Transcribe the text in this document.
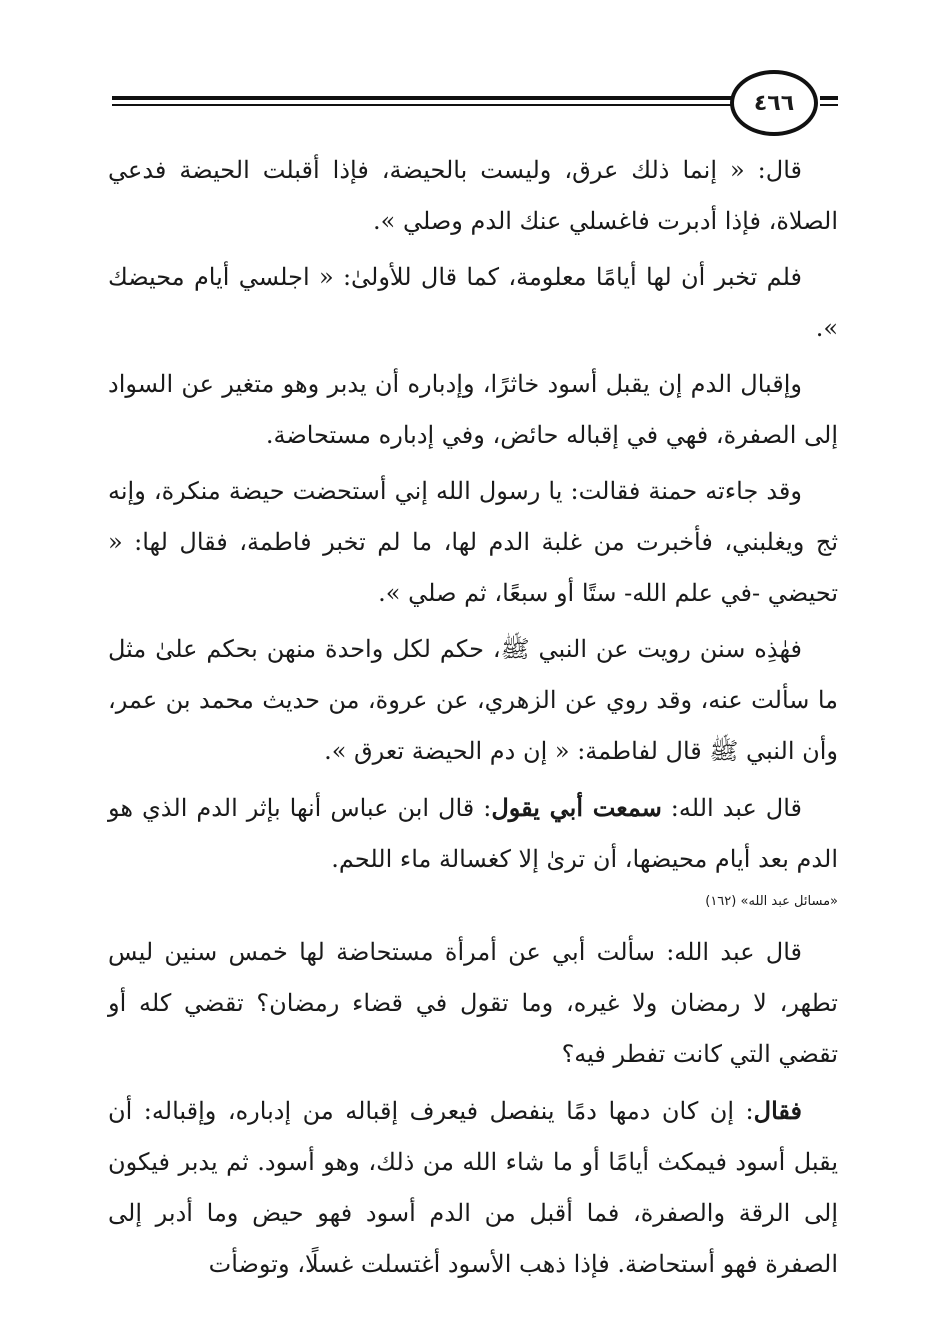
٤٦٦

قال: « إنما ذلك عرق، وليست بالحيضة، فإذا أقبلت الحيضة فدعي الصلاة، فإذا أدبرت فاغسلي عنك الدم وصلي ».

فلم تخبر أن لها أيامًا معلومة، كما قال للأولىٰ: « اجلسي أيام محيضك ».

وإقبال الدم إن يقبل أسود خاثرًا، وإدباره أن يدبر وهو متغير عن السواد إلى الصفرة، فهي في إقباله حائض، وفي إدباره مستحاضة.

وقد جاءته حمنة فقالت: يا رسول الله إني أستحضت حيضة منكرة، وإنه ثج ويغلبني، فأخبرت من غلبة الدم لها، ما لم تخبر فاطمة، فقال لها: « تحيضي -في علم الله- ستًا أو سبعًا، ثم صلي ».

فهٰذِه سنن رويت عن النبي ﷺ، حكم لكل واحدة منهن بحكم علىٰ مثل ما سألت عنه، وقد روي عن الزهري، عن عروة، من حديث محمد بن عمر، وأن النبي ﷺ قال لفاطمة: « إن دم الحيضة تعرق ».

قال عبد الله: سمعت أبي يقول: قال ابن عباس أنها بإثر الدم الذي هو الدم بعد أيام محيضها، أن ترىٰ إلا كغسالة ماء اللحم.

«مسائل عبد الله» (١٦٢)

قال عبد الله: سألت أبي عن أمرأة مستحاضة لها خمس سنين ليس تطهر، لا رمضان ولا غيره، وما تقول في قضاء رمضان؟ تقضي كله أو تقضي التي كانت تفطر فيه؟

فقال: إن كان دمها دمًا ينفصل فيعرف إقباله من إدباره، وإقباله: أن يقبل أسود فيمكث أيامًا أو ما شاء الله من ذلك، وهو أسود. ثم يدبر فيكون إلى الرقة والصفرة، فما أقبل من الدم أسود فهو حيض وما أدبر إلى الصفرة فهو أستحاضة. فإذا ذهب الأسود أغتسلت غسلًا، وتوضأت
